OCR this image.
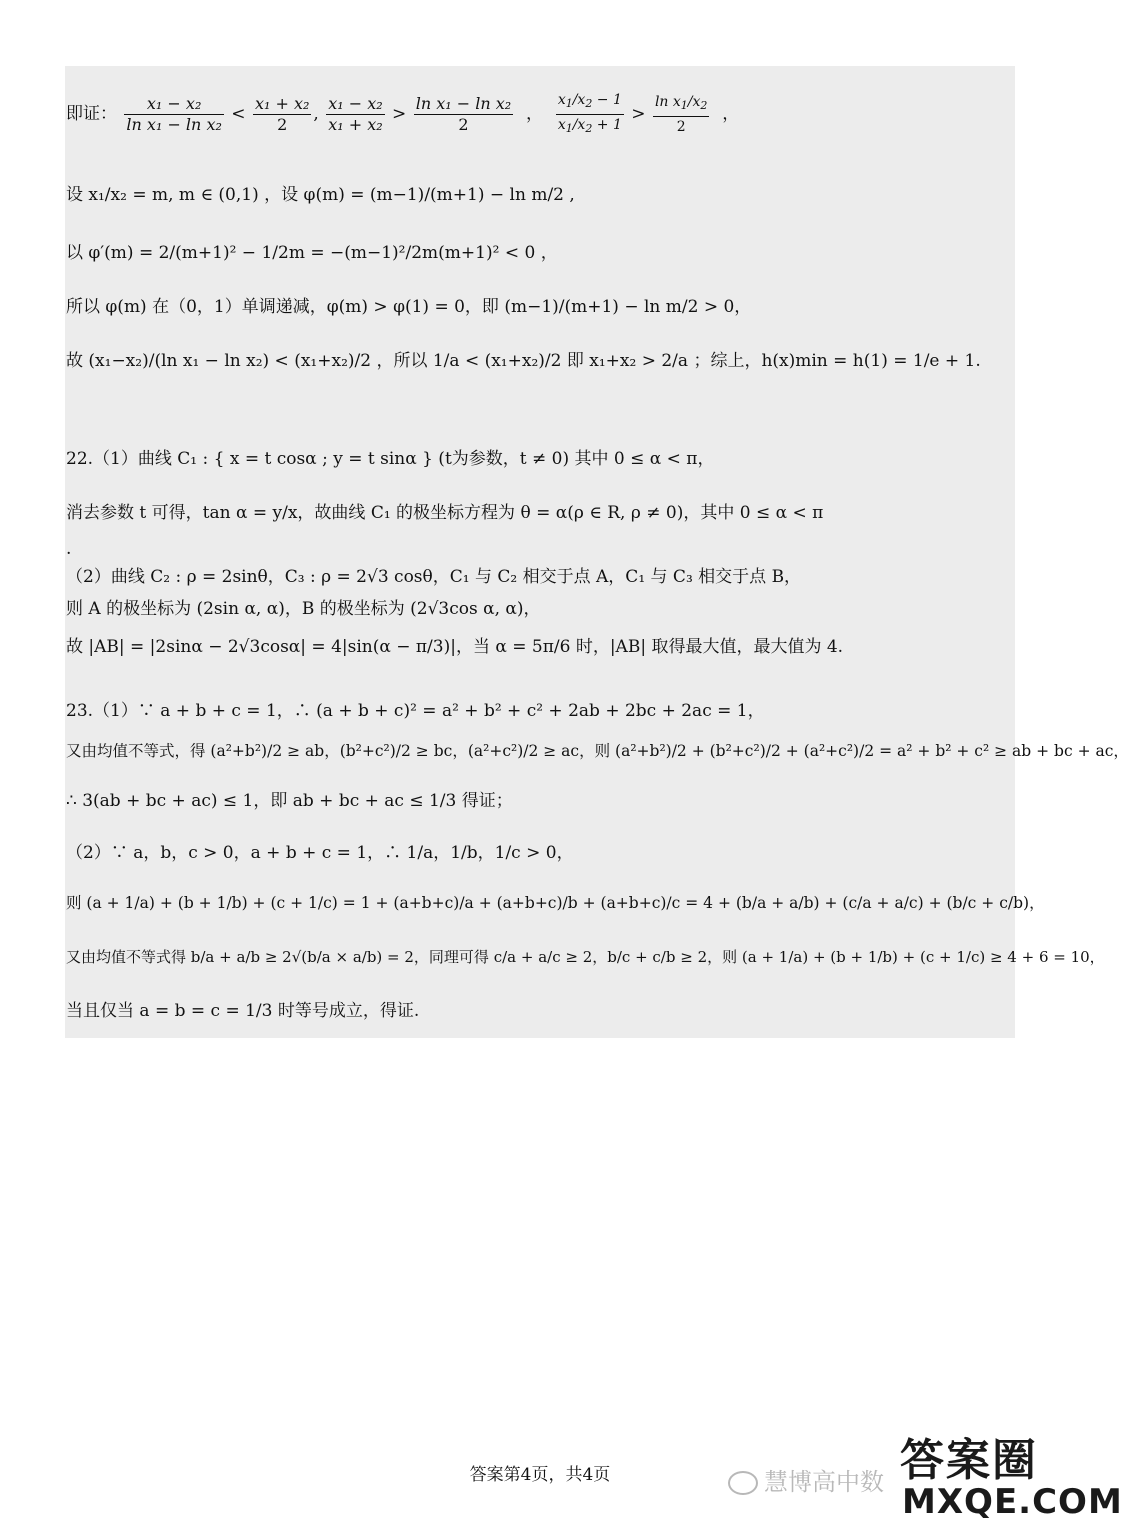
即证： $\frac{\text{x₁ − x₂}}{\text{ln x₁ − ln x₂}} < \frac{\text{x₁ + x₂}}{2}$ , $\frac{\text{x₁ − x₂}}{\text{x₁ + x₂}} > \frac{\text{ln x₁ − ln x₂}}{2}$ ， $\frac{x_1/x_2 - 1}{x_1/x_2 + 1} > \frac{\ln x_1/x_2}{2}$ ，
设 x₁/x₂ = m, m ∈ (0,1) ，设 φ(m) = (m−1)/(m+1) − ln m/2 ,
以 φ′(m) = 2/(m+1)² − 1/2m = −(m−1)²/2m(m+1)² < 0 ，
所以 φ(m) 在（0，1）单调递减，φ(m) > φ(1) = 0，即 (m−1)/(m+1) − ln m/2 > 0，
故 (x₁−x₂)/(ln x₁ − ln x₂) < (x₁+x₂)/2 ，所以 1/a < (x₁+x₂)/2 即 x₁+x₂ > 2/a ；综上，h(x)min = h(1) = 1/e + 1.
22.（1）曲线 C₁ : { x = t cosα ; y = t sinα } (t为参数，t ≠ 0) 其中 0 ≤ α < π，
消去参数 t 可得，tan α = y/x，故曲线 C₁ 的极坐标方程为 θ = α(ρ ∈ R, ρ ≠ 0)，其中 0 ≤ α < π
.
（2）曲线 C₂ : ρ = 2sinθ，C₃ : ρ = 2√3 cosθ，C₁ 与 C₂ 相交于点 A，C₁ 与 C₃ 相交于点 B，
则 A 的极坐标为 (2sin α, α)，B 的极坐标为 (2√3cos α, α)，
故 |AB| = |2sinα − 2√3cosα| = 4|sin(α − π/3)|，当 α = 5π/6 时，|AB| 取得最大值，最大值为 4.
23.（1）∵ a + b + c = 1，∴ (a + b + c)² = a² + b² + c² + 2ab + 2bc + 2ac = 1，
又由均值不等式，得 (a²+b²)/2 ≥ ab，(b²+c²)/2 ≥ bc，(a²+c²)/2 ≥ ac，则 (a²+b²)/2 + (b²+c²)/2 + (a²+c²)/2 = a² + b² + c² ≥ ab + bc + ac，
∴ 3(ab + bc + ac) ≤ 1，即 ab + bc + ac ≤ 1/3 得证；
（2）∵ a，b，c > 0，a + b + c = 1，∴ 1/a，1/b，1/c > 0，
则 (a + 1/a) + (b + 1/b) + (c + 1/c) = 1 + (a+b+c)/a + (a+b+c)/b + (a+b+c)/c = 4 + (b/a + a/b) + (c/a + a/c) + (b/c + c/b)，
又由均值不等式得 b/a + a/b ≥ 2√(b/a × a/b) = 2，同理可得 c/a + a/c ≥ 2，b/c + c/b ≥ 2，则 (a + 1/a) + (b + 1/b) + (c + 1/c) ≥ 4 + 6 = 10，
当且仅当 a = b = c = 1/3 时等号成立，得证.
答案第4页，共4页	慧博高中数 答案圈
MXQE.COM
